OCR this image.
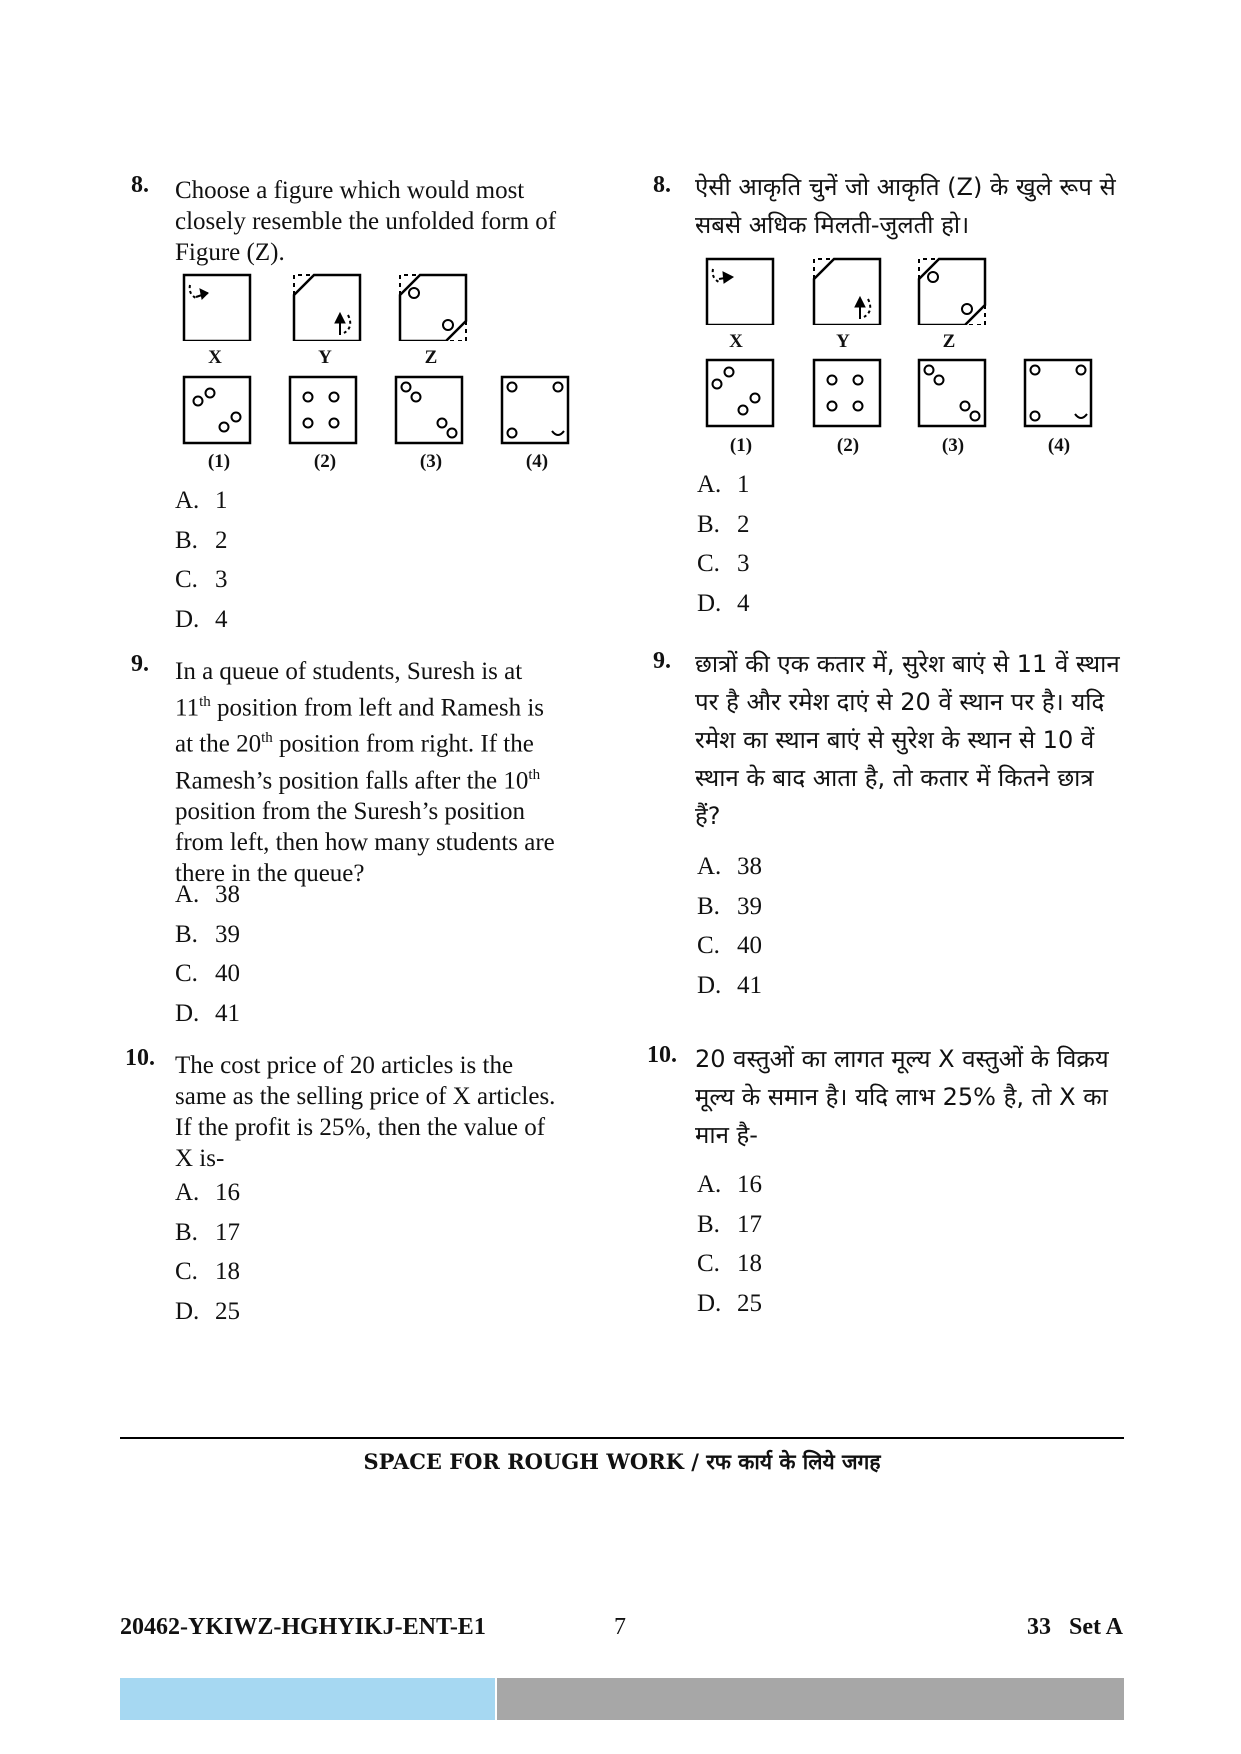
8. Choose a figure which would most
closely resemble the unfolded form of
Figure (Z).
X	Y	Z
(1)	(2)	(3)	(4)
A. 1
B. 2
C. 3
D. 4
9. In a queue of students, Suresh is at
11th position from left and Ramesh is
at the 20th position from right. If the
Ramesh’s position falls after the 10th
position from the Suresh’s position
from left, then how many students are
there in the queue?
A. 38
B. 39
C. 40
D. 41
10. The cost price of 20 articles is the
same as the selling price of X articles.
If the profit is 25%, then the value of
X is-
A. 16
B. 17
C. 18
D. 25
8. ऐसी आकृति चुनें जो आकृति (Z) के खुले रूप से
सबसे अधिक मिलती-जुलती हो।
X	Y	Z
(1)	(2)	(3)	(4)
A. 1
B. 2
C. 3
D. 4
9. छात्रों की एक कतार में, सुरेश बाएं से 11 वें स्थान
पर है और रमेश दाएं से 20 वें स्थान पर है। यदि
रमेश का स्थान बाएं से सुरेश के स्थान से 10 वें
स्थान के बाद आता है, तो कतार में कितने छात्र
हैं?
A. 38
B. 39
C. 40
D. 41
10. 20 वस्तुओं का लागत मूल्य X वस्तुओं के विक्रय
मूल्य के समान है। यदि लाभ 25% है, तो X का
मान है-
A. 16
B. 17
C. 18
D. 25
SPACE FOR ROUGH WORK / रफ कार्य के लिये जगह
20462-YKIWZ-HGHYIKJ-ENT-E1	7	33   Set A
